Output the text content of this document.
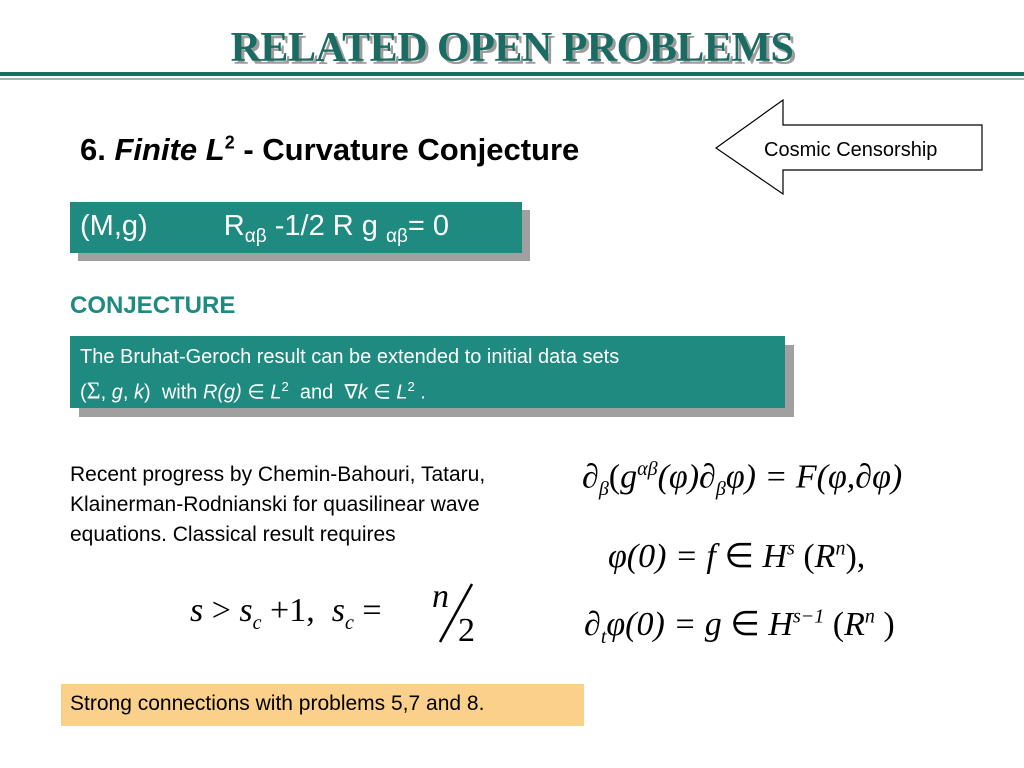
RELATED OPEN PROBLEMS
6. Finite $L^2$ - Curvature Conjecture	Cosmic Censorship
(M,g)	$R_{\alpha\beta}$ -1/2 R g $_{\alpha\beta}$= 0
CONJECTURE
The Bruhat-Geroch result can be extended to initial data sets
(Σ, g, k) with R(g) ∈ $L^2$ and ∇k ∈ $L^2$ .
Recent progress by Chemin-Bahouri, Tataru, Klainerman-Rodnianski for quasilinear wave equations. Classical result requires
$s > s_c +1$, $s_c = n$
2
$\partial_\beta(g^{\alpha\beta}(\varphi)\partial_\beta\varphi) = F(\varphi,\partial\varphi)$
φ(0) = f ∈ $H^s$ $(R^n)$,
$\partial_t\varphi(0) = g$ ∈ $H^{s-1}$ ($R^n$ )
Strong connections with problems 5,7 and 8.
